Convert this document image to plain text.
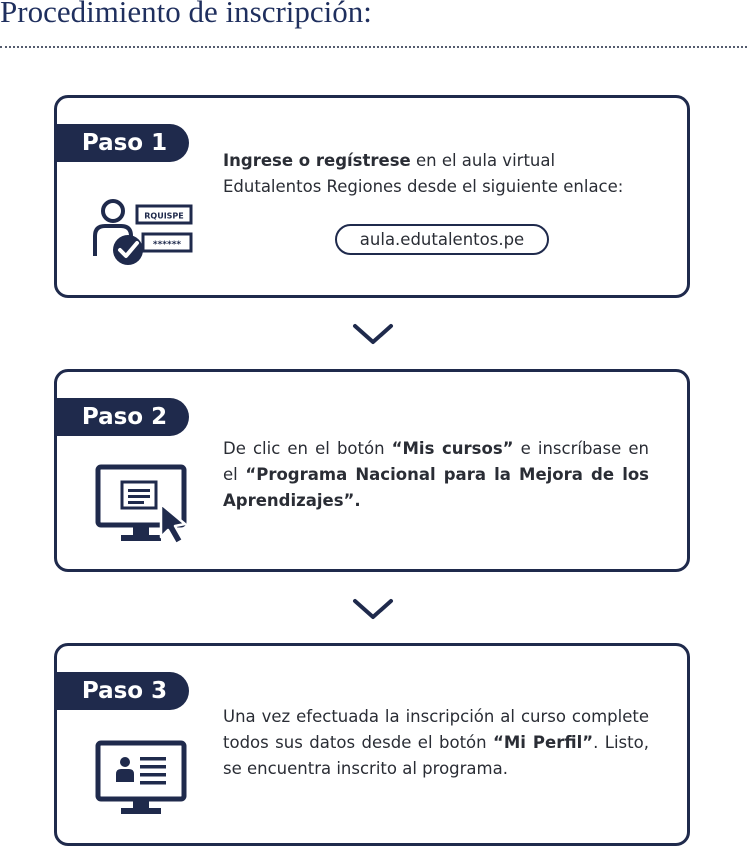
Procedimiento de inscripción:
Paso 1
RQUISPE
******
Ingrese o regístrese en el aula virtual Edutalentos Regiones desde el siguiente enlace:
aula.edutalentos.pe
Paso 2
De clic en el botón “Mis cursos” e inscríbase en el “Programa Nacional para la Mejora de los Aprendizajes”.
Paso 3
Una vez efectuada la inscripción al curso complete todos sus datos desde el botón “Mi Perfil”. Listo, se encuentra inscrito al programa.
